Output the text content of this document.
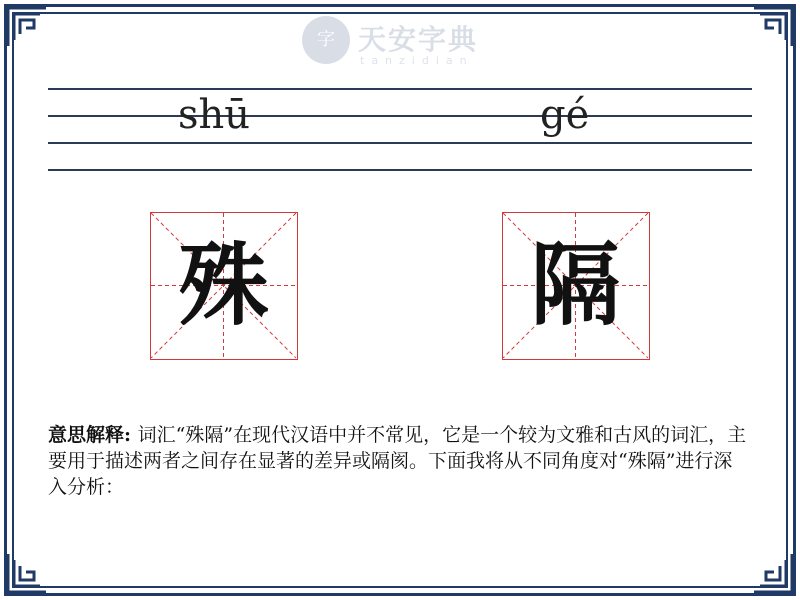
字 天安字典
tanzidian
shū	gé
殊	隔
意思解释: 词汇“殊隔”在现代汉语中并不常见，它是一个较为文雅和古风的词汇，主要用于描述两者之间存在显著的差异或隔阂。下面我将从不同角度对“殊隔”进行深入分析：
